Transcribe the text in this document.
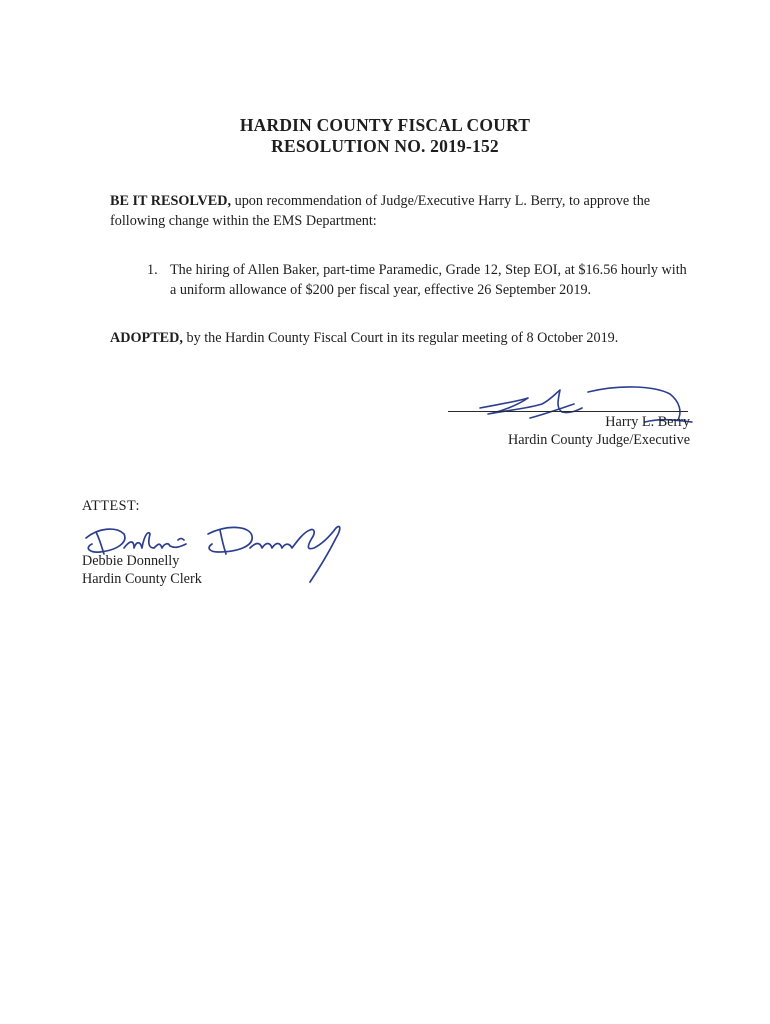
HARDIN COUNTY FISCAL COURT
RESOLUTION NO. 2019-152
BE IT RESOLVED, upon recommendation of Judge/Executive Harry L. Berry, to approve the following change within the EMS Department:
1. The hiring of Allen Baker, part-time Paramedic, Grade 12, Step EOI, at $16.56 hourly with a uniform allowance of $200 per fiscal year, effective 26 September 2019.
ADOPTED, by the Hardin County Fiscal Court in its regular meeting of 8 October 2019.
Harry L. Berry
Hardin County Judge/Executive
ATTEST:
Debbie Donnelly
Hardin County Clerk
